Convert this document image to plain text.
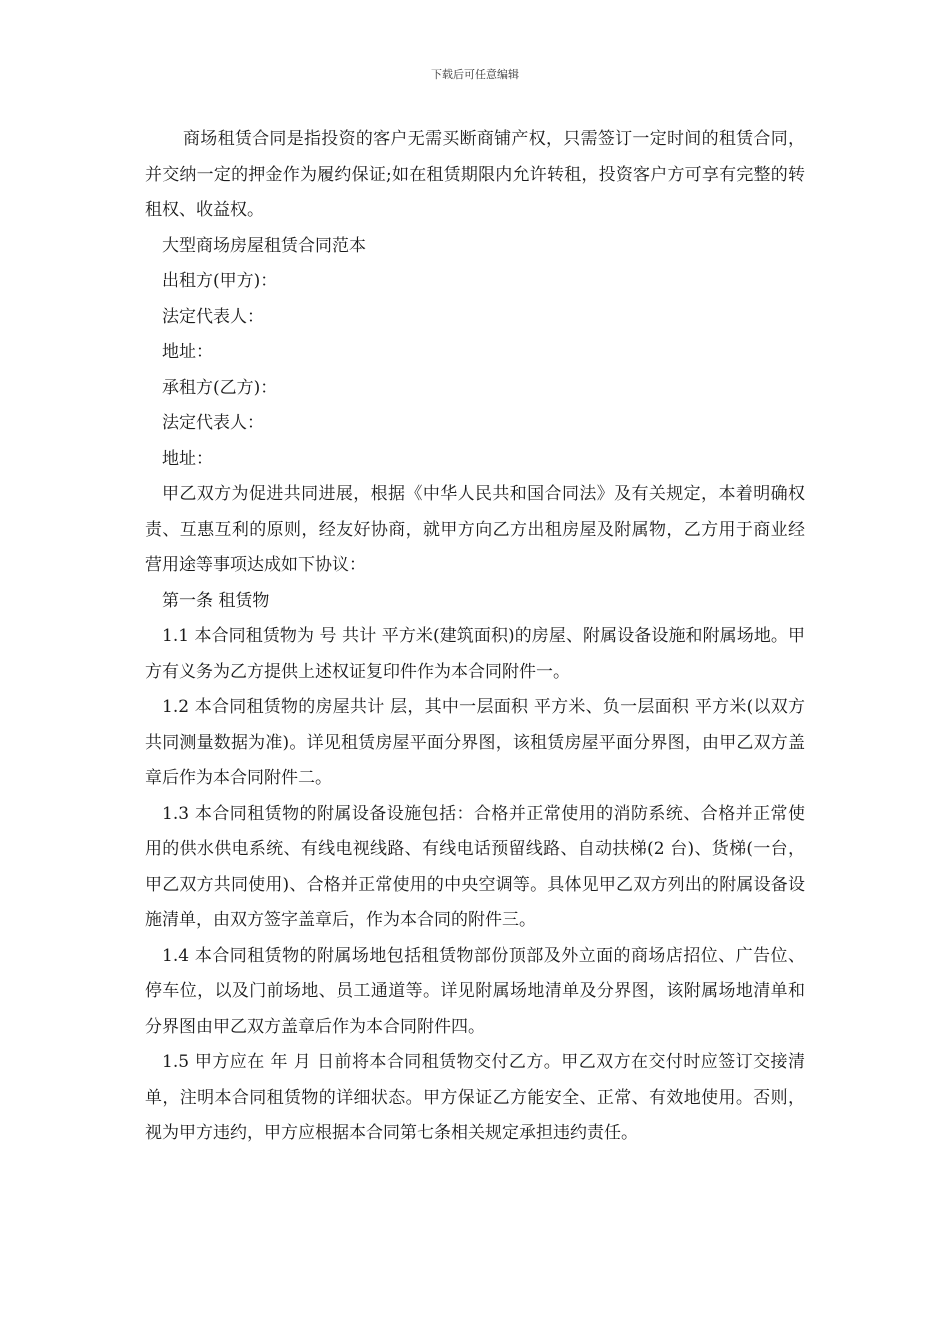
下载后可任意编辑

商场租赁合同是指投资的客户无需买断商铺产权，只需签订一定时间的租赁合同，并交纳一定的押金作为履约保证;如在租赁期限内允许转租，投资客户方可享有完整的转租权、收益权。

大型商场房屋租赁合同范本

出租方(甲方)：

法定代表人：

地址：

承租方(乙方)：

法定代表人：

地址：

甲乙双方为促进共同进展，根据《中华人民共和国合同法》及有关规定，本着明确权责、互惠互利的原则，经友好协商，就甲方向乙方出租房屋及附属物，乙方用于商业经营用途等事项达成如下协议：

第一条 租赁物

1.1 本合同租赁物为 号 共计 平方米(建筑面积)的房屋、附属设备设施和附属场地。甲方有义务为乙方提供上述权证复印件作为本合同附件一。

1.2 本合同租赁物的房屋共计 层，其中一层面积 平方米、负一层面积 平方米(以双方共同测量数据为准)。详见租赁房屋平面分界图，该租赁房屋平面分界图，由甲乙双方盖章后作为本合同附件二。

1.3 本合同租赁物的附属设备设施包括：合格并正常使用的消防系统、合格并正常使用的供水供电系统、有线电视线路、有线电话预留线路、自动扶梯(2 台)、货梯(一台，甲乙双方共同使用)、合格并正常使用的中央空调等。具体见甲乙双方列出的附属设备设施清单，由双方签字盖章后，作为本合同的附件三。

1.4 本合同租赁物的附属场地包括租赁物部份顶部及外立面的商场店招位、广告位、停车位，以及门前场地、员工通道等。详见附属场地清单及分界图，该附属场地清单和分界图由甲乙双方盖章后作为本合同附件四。

1.5 甲方应在 年 月 日前将本合同租赁物交付乙方。甲乙双方在交付时应签订交接清单，注明本合同租赁物的详细状态。甲方保证乙方能安全、正常、有效地使用。否则，视为甲方违约，甲方应根据本合同第七条相关规定承担违约责任。
